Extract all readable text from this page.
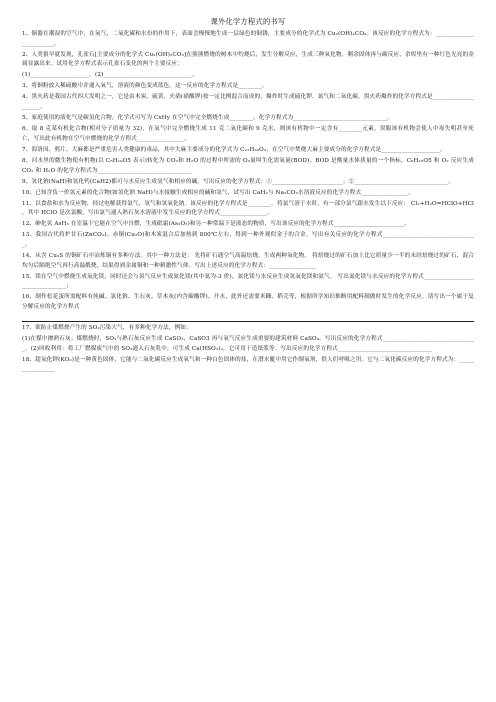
课外化学方程式的书写

1、铜器在潮湿的空气中，在氧气、二氧化碳和水份的作用下，表面会慢慢地生成一层绿色的铜锈，主要成分的化学式为 Cu₂(OH)₂CO₃。该反应的化学方程式为：________________________。

2、人类很早就发现，孔雀石[主要成分的化学式 Cu₂(OH)₂CO₃]在熊熊燃烧的树木中灼烧后，发生分解反应，生成三种氧化物，剩余固体再与碳反应，余烬里有一种红色光亮的金属显露出来。试用化学方程式表示孔雀石变化的两个主要反应：

(1)____________________。(2)______________________________。

3、将铜粉放入稀硫酸中并通入氧气，溶液的颜色变成蓝色。这一反应的化学方程式是________。

4、黑火药是我国古代四大发明之一，它是由木炭、硫黄、火硝(硝酸钾)按一定比例混合而成的，爆炸时生成硫化钾、氮气和二氧化碳。黑火药爆炸的化学方程式是____________________。

5、家庭使用的液化气是碳氢化合物，化学式可写为 CxHy 在空气中完全燃烧生成________。化学方程式为________________________________。

6、取 8 克某有机化合物(相对分子质量为 32)，在氧气中完全燃烧生成 11 克二氧化碳和 9 克水，则该有机物中一定含有________元素，误服该有机物会使人中毒失明甚至死亡，写出此有机物在空气中燃烧的化学方程式________________。

7、海洛因、鸦片、大麻都是严重危害人类健康的毒品，其中大麻主要成分的化学式为 C₂₁H₃₀O₂，在空气中焚烧大麻主要成分的化学方程式是____________________。

8、河水里的微生物使有机物(以 C₆H₁₀O5 表示)转化为 CO₂和 H₂O 的过程中所需的 O₂量叫生化需氧量(BOD)，BOD 是衡量水体质量的一个指标。C₆H₁₀O5 和 O₂ 反应生成 CO₂ 和 H₂O 的化学方程式为________________________________

9、氢化钠(NaH)和氢化钙(CaH2)都可与水反应生成氢气和相应的碱。写出反应的化学方程式：①________________________；②________________________________。

10、已知含负一价氢元素的化合物(如氢化钠 NaH)与水接触生成相应的碱和氢气，试写出 CaH₂与 Na₂CO₃水溶液反应的化学方程式________________。

11、以食盐和水为反应物，经过电解获得氯气、氢气和氢氧化钠。该反应的化学方程式是________。将氯气溶于水时，有一部分氯气跟水发生以下反应： Cl₂+H₂O=HClO+HCl ，其中 HClO 是次氯酸，写出氯气通入熟石灰水溶液中发生反应的化学方程式________________。

12、砷化氢 AsH₃ 在室温下它能在空气中自燃，生成砒霜(As₂O₃)和另一种常温下是液态的物质，写出该反应的化学方程式________________________。

13、我国古代将炉甘石(ZnCO₃)、赤铜(Cu₂O)和木炭混合后加热到 800℃左右，得到一种外观似金子的合金。写出有关反应的化学方程式________________________________。

14、从含 Cu₂S 的铜矿石中冶炼铜有多种方法。其中一种方法是： 先将矿石通空气高温焙烧，生成两种氧化物。 将焙烧过的矿石加上比它质量少一半的未经焙烧过的矿石，混合均匀后隔绝空气再行高温煅烧，结果得到金属铜和一种刺激性气体。写出上述反应的化学方程式：________________

15、镁在空气中燃烧生成氧化镁，同时还会与氮气反应生成氮化镁(其中氮为-3 价)，氮化镁与水反应生成氢氧化镁和氨气。 写出氮化镁与水反应的化学方程式________________________________；

16、制作松花蛋所需配料有纯碱、氯化钠、生石灰、草木灰(内含碳酸钾)、开水，此外还需要米糠、稻壳等，根据所学知识推断用配料制做时发生的化学反应，请写出一个属于复分解反应的化学方程式

17、欲防止煤燃烧产生的 SO₂污染大气，有多种化学方法，例如：

(1)在煤中掺熟石灰；煤燃烧时，SO₂与熟石灰反应生成 CaSO₃，CaSO3 再与氧气反应生成重要的建筑材料 CaSO₄。写出反应的化学方程式________________________________。(2)回收利用：将工厂燃煤废气中的 SO₂通入石灰乳中，可生成 Ca(HSO₃)₂，它可用于造纸浆等。写出反应的化学方程式________________________________

18、超氧化钾(KO₂)是一种黄色固体，它能与二氧化碳反应生成氧气和一种白色固体的盐，在潜水艇中用它作制氧剂，供人们呼吸之用。它与二氧化碳反应的化学方程式为：________________
